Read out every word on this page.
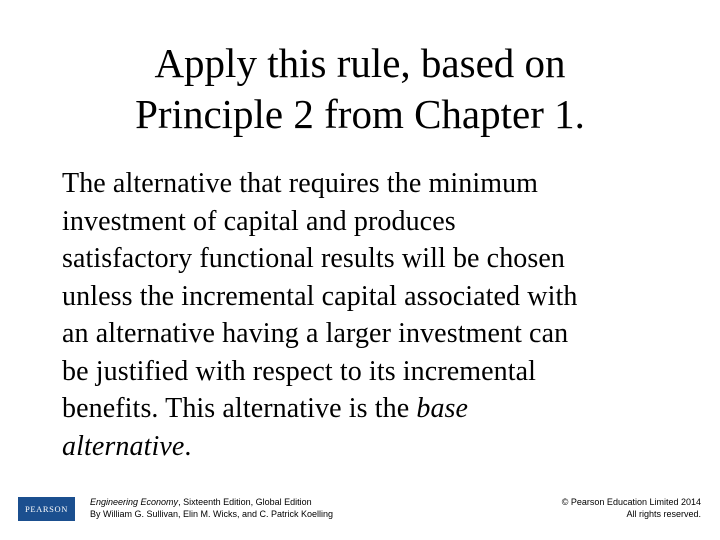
Apply this rule, based on
Principle 2 from Chapter 1.
The alternative that requires the minimum
investment of capital and produces
satisfactory functional results will be chosen
unless the incremental capital associated with
an alternative having a larger investment can
be justified with respect to its incremental
benefits. This alternative is the base
alternative.
PEARSON
Engineering Economy, Sixteenth Edition, Global Edition
By William G. Sullivan, Elin M. Wicks, and C. Patrick Koelling
© Pearson Education Limited 2014
All rights reserved.
